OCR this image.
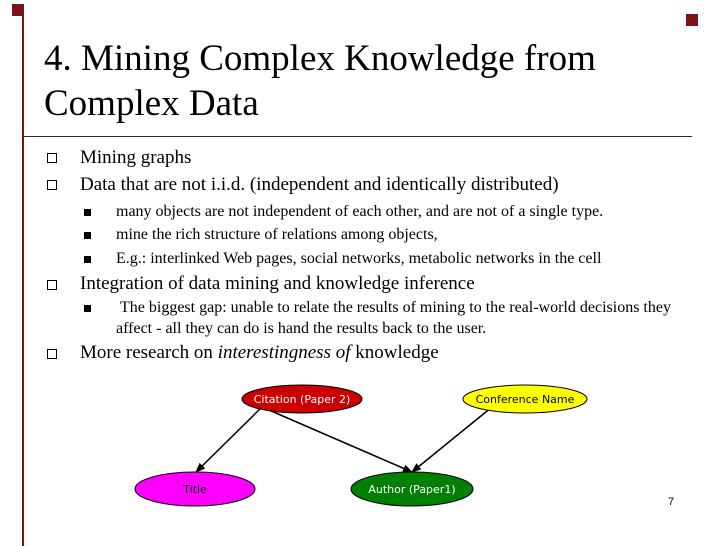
4. Mining Complex Knowledge from Complex Data
Mining graphs
Data that are not i.i.d. (independent and identically distributed)
many objects are not independent of each other, and are not of a single type.
mine the rich structure of relations among objects,
E.g.: interlinked Web pages, social networks, metabolic networks in the cell
Integration of data mining and knowledge inference
The biggest gap: unable to relate the results of mining to the real-world decisions they affect - all they can do is hand the results back to the user.
More research on interestingness of knowledge
Citation (Paper 2)	Conference Name
Title	Author (Paper1)
7
